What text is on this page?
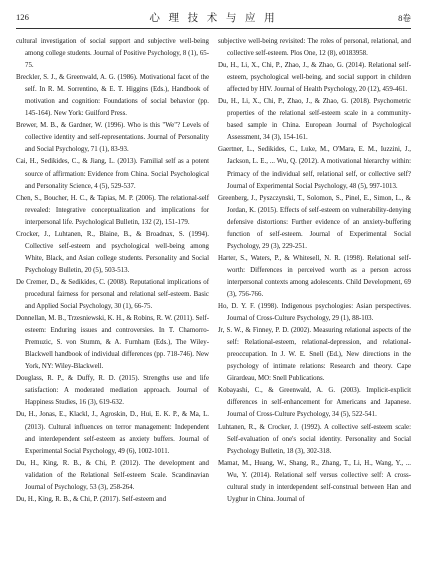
126	心 理 技 术 与 应 用	8卷

cultural investigation of social support and subjective well-being among college students. Journal of Positive Psychology, 8 (1), 65-75.

Breckler, S. J., & Greenwald, A. G. (1986). Motivational facet of the self. In R. M. Sorrentino, & E. T. Higgins (Eds.), Handbook of motivation and cognition: Foundations of social behavior (pp. 145-164). New York: Guilford Press.

Brewer, M. B., & Gardner, W. (1996). Who is this "We"? Levels of collective identity and self-representations. Journal of Personality and Social Psychology, 71 (1), 83-93.

Cai, H., Sedikides, C., & Jiang, L. (2013). Familial self as a potent source of affirmation: Evidence from China. Social Psychological and Personality Science, 4 (5), 529-537.

Chen, S., Boucher, H. C., & Tapias, M. P. (2006). The relational-self revealed: Integrative conceptualization and implications for interpersonal life. Psychological Bulletin, 132 (2), 151-179.

Crocker, J., Luhtanen, R., Blaine, B., & Broadnax, S. (1994). Collective self-esteem and psychological well-being among White, Black, and Asian college students. Personality and Social Psychology Bulletin, 20 (5), 503-513.

De Cremer, D., & Sedikides, C. (2008). Reputational implications of procedural fairness for personal and relational self-esteem. Basic and Applied Social Psychology, 30 (1), 66-75.

Donnellan, M. B., Trzesniewski, K. H., & Robins, R. W. (2011). Self-esteem: Enduring issues and controversies. In T. Chamorro-Premuzic, S. von Stumm, & A. Furnham (Eds.), The Wiley-Blackwell handbook of individual differences (pp. 718-746). New York, NY: Wiley-Blackwell.

Douglass, R. P., & Duffy, R. D. (2015). Strengths use and life satisfaction: A moderated mediation approach. Journal of Happiness Studies, 16 (3), 619-632.

Du, H., Jonas, E., Klackl, J., Agroskin, D., Hui, E. K. P., & Ma, L. (2013). Cultural influences on terror management: Independent and interdependent self-esteem as anxiety buffers. Journal of Experimental Social Psychology, 49 (6), 1002-1011.

Du, H., King, R. B., & Chi, P. (2012). The development and validation of the Relational Self-esteem Scale. Scandinavian Journal of Psychology, 53 (3), 258-264.

Du, H., King, R. B., & Chi, P. (2017). Self-esteem and

subjective well-being revisited: The roles of personal, relational, and collective self-esteem. Plos One, 12 (8), e0183958.

Du, H., Li, X., Chi, P., Zhao, J., & Zhao, G. (2014). Relational self-esteem, psychological well-being, and social support in children affected by HIV. Journal of Health Psychology, 20 (12), 459-461.

Du, H., Li, X., Chi, P., Zhao, J., & Zhao, G. (2018). Psychometric properties of the relational self-esteem scale in a community-based sample in China. European Journal of Psychological Assessment, 34 (3), 154-161.

Gaertner, L., Sedikides, C., Luke, M., O'Mara, E. M., Iuzzini, J., Jackson, L. E., ... Wu, Q. (2012). A motivational hierarchy within: Primacy of the individual self, relational self, or collective self? Journal of Experimental Social Psychology, 48 (5), 997-1013.

Greenberg, J., Pyszczynski, T., Solomon, S., Pinel, E., Simon, L., & Jordan, K. (2015). Effects of self-esteem on vulnerability-denying defensive distortions: Further evidence of an anxiety-buffering function of self-esteem. Journal of Experimental Social Psychology, 29 (3), 229-251.

Harter, S., Waters, P., & Whitesell, N. R. (1998). Relational self-worth: Differences in perceived worth as a person across interpersonal contexts among adolescents. Child Development, 69 (3), 756-766.

Ho, D. Y. F. (1998). Indigenous psychologies: Asian perspectives. Journal of Cross-Culture Psychology, 29 (1), 88-103.

Jr, S. W., & Finney, P. D. (2002). Measuring relational aspects of the self: Relational-esteem, relational-depression, and relational-preoccupation. In J. W. E. Snell (Ed.), New directions in the psychology of intimate relations: Research and theory. Cape Girardeau, MO: Snell Publications.

Kobayashi, C., & Greenwald, A. G. (2003). Implicit-explicit differences in self-enhancement for Americans and Japanese. Journal of Cross-Culture Psychology, 34 (5), 522-541.

Luhtanen, R., & Crocker, J. (1992). A collective self-esteem scale: Self-evaluation of one's social identity. Personality and Social Psychology Bulletin, 18 (3), 302-318.

Mamat, M., Huang, W., Shang, R., Zhang, T., Li, H., Wang, Y., ... Wu, Y. (2014). Relational self versus collective self: A cross-cultural study in interdependent self-construal between Han and Uyghur in China. Journal of
